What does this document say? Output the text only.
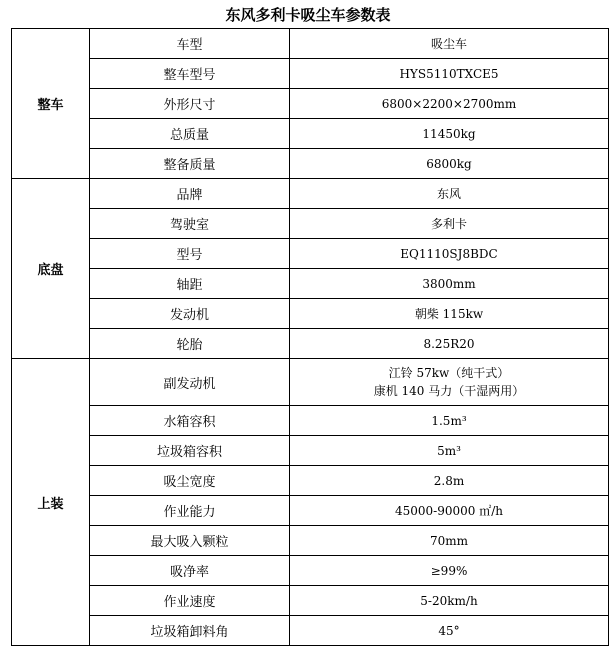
东风多利卡吸尘车参数表
整车	车型	吸尘车
	整车型号	HYS5110TXCE5
	外形尺寸	6800×2200×2700mm
	总质量	11450kg
	整备质量	6800kg
底盘	品牌	东风
	驾驶室	多利卡
	型号	EQ1110SJ8BDC
	轴距	3800mm
	发动机	朝柴 115kw
	轮胎	8.25R20
上装	副发动机	江铃 57kw（纯干式）
康机 140 马力（干湿两用）

	水箱容积	1.5m³
	垃圾箱容积	5m³
	吸尘宽度	2.8m
	作业能力	45000-90000 ㎡/h
	最大吸入颗粒	70mm
	吸净率	≥99%
	作业速度	5-20km/h
	垃圾箱卸料角	45°
